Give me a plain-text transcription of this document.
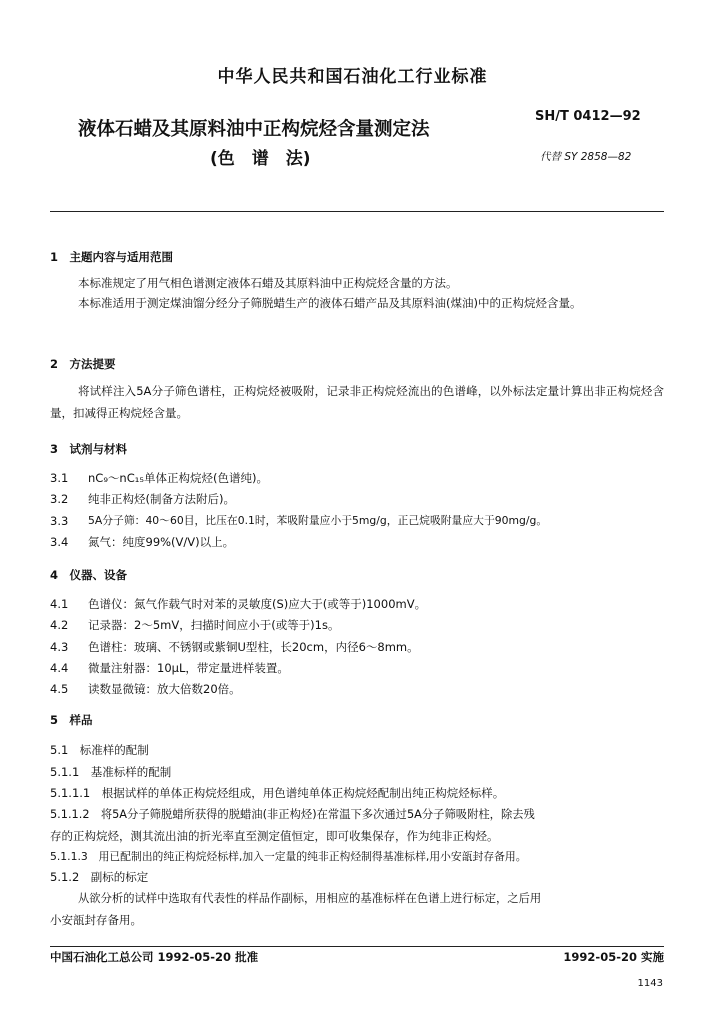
中华人民共和国石油化工行业标准
SH/T 0412—92
液体石蜡及其原料油中正构烷烃含量测定法
(色　谱　法)	代替 SY 2858—82
1　主题内容与适用范围
本标准规定了用气相色谱测定液体石蜡及其原料油中正构烷烃含量的方法。
本标准适用于测定煤油馏分经分子筛脱蜡生产的液体石蜡产品及其原料油(煤油)中的正构烷烃含量。
2　方法提要
将试样注入5A分子筛色谱柱，正构烷烃被吸附，记录非正构烷烃流出的色谱峰，以外标法定量计算出非正构烷烃含量，扣减得正构烷烃含量。
3　试剂与材料
3.1 nC₉～nC₁₅单体正构烷烃(色谱纯)。
3.2 纯非正构烃(制备方法附后)。
3.3 5A分子筛：40～60目，比压在0.1时，苯吸附量应小于5mg/g，正己烷吸附量应大于90mg/g。
3.4 氮气：纯度99%(V/V)以上。
4　仪器、设备
4.1 色谱仪：氮气作载气时对苯的灵敏度(S)应大于(或等于)1000mV。
4.2 记录器：2～5mV，扫描时间应小于(或等于)1s。
4.3 色谱柱：玻璃、不锈钢或紫铜U型柱，长20cm，内径6～8mm。
4.4 微量注射器：10μL，带定量进样装置。
4.5 读数显微镜：放大倍数20倍。
5　样品
5.1　标准样的配制
5.1.1　基准标样的配制
5.1.1.1　根据试样的单体正构烷烃组成，用色谱纯单体正构烷烃配制出纯正构烷烃标样。
5.1.1.2　将5A分子筛脱蜡所获得的脱蜡油(非正构烃)在常温下多次通过5A分子筛吸附柱，除去残
存的正构烷烃，测其流出油的折光率直至测定值恒定，即可收集保存，作为纯非正构烃。
5.1.1.3　用已配制出的纯正构烷烃标样,加入一定量的纯非正构烃制得基准标样,用小安瓿封存备用。
5.1.2　副标的标定
从欲分析的试样中选取有代表性的样品作副标，用相应的基准标样在色谱上进行标定，之后用
小安瓿封存备用。
中国石油化工总公司 1992-05-20 批准	1992-05-20 实施
1143
